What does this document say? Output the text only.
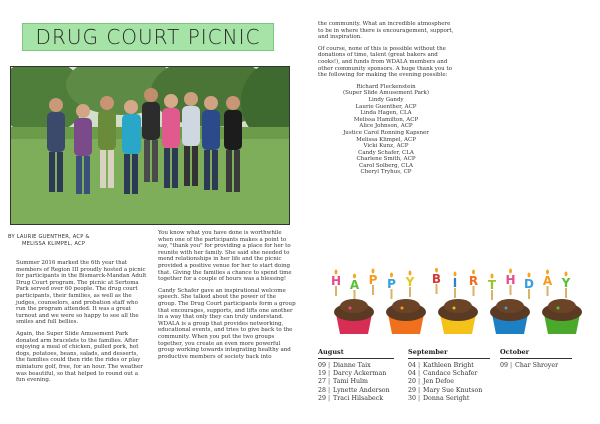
DRUG COURT PICNIC
BY LAURIE GUENTHER, ACP &
MELISSA KLIMPEL, ACP

Summer 2016 marked the 6th year that members of Region III proudly hosted a picnic for participants in the Bismarck-Mandan Adult Drug Court program. The picnic at Sertoma Park served over 60 people. The drug court participants, their families, as well as the judges, counselors, and probation staff who run the program attended. It was a great turnout and we were so happy to see all the smiles and full bellies.

Again, the Super Slide Amusement Park donated arm bracelets to the families. After enjoying a meal of chicken, pulled pork, hot dogs, potatoes, beans, salads, and desserts, the families could then ride the rides or play miniature golf, free, for an hour. The weather was beautiful, so that helped to round out a fun evening.

You know what you have done is worthwhile when one of the participants makes a point to say, "thank you" for providing a place for her to reunite with her family. She said she needed to mend relationships in her life and the picnic provided a positive venue for her to start doing that. Giving the families a chance to spend time together for a couple of hours was a blessing!

Candy Schafer gave an inspirational welcome speech. She talked about the power of the group. The Drug Court participants form a group that encourages, supports, and lifts one another in a way that only they can truly understand. WDALA is a group that provides networking, educational events, and tries to give back to the community. When you put the two groups together, you create an even more powerful group working towards integrating healthy and productive members of society back into

the community. What an incredible atmosphere to be in where there is encouragement, support, and inspiration.

Of course, none of this is possible without the donations of time, talent (great bakers and cooks!), and funds from WDALA members and other community sponsors. A huge thank you to the following for making the evening possible:

Richard Fleckenstein
(Super Slide Amusement Park)
Lindy Gandy
Laurie Guenther, ACP
Linda Hagen, CLA
Melissa Hamilton, ACP
Alice Johnson, ACP
Justice Carol Ronning Kapsner
Melissa Klimpel, ACP
Vicki Kunz, ACP
Candy Schafer, CLA
Charlene Smith, ACP
Carol Solberg, CLA
Cheryl Tryhus, CP
H A P P Y B I R T H D A Y
August
09 | Dianne Taix
19 | Darcy Ackerman
27 | Tami Hulm
28 | Lynette Anderson
29 | Traci Hilsabeck
September
04 | Kathleen Bright
04 | Candace Schafer
20 | Jen Defoe
29 | Mary Sue Knutson
30 | Donna Seright
October
09 | Char Shroyer
